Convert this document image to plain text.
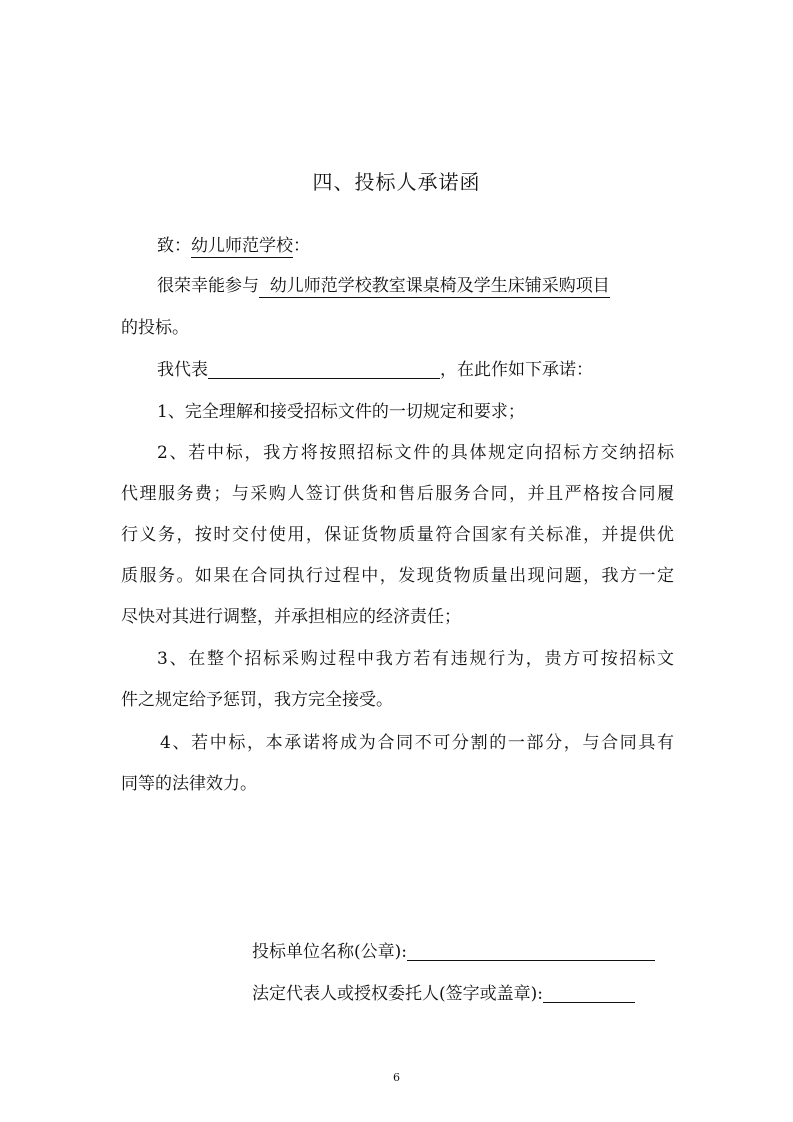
四、投标人承诺函
致：幼儿师范学校：
很荣幸能参与  幼儿师范学校教室课桌椅及学生床铺采购项目
的投标。
我代表	，在此作如下承诺：
1、完全理解和接受招标文件的一切规定和要求；
2、若中标，我方将按照招标文件的具体规定向招标方交纳招标
代理服务费；与采购人签订供货和售后服务合同，并且严格按合同履
行义务，按时交付使用，保证货物质量符合国家有关标准，并提供优
质服务。如果在合同执行过程中，发现货物质量出现问题，我方一定
尽快对其进行调整，并承担相应的经济责任；
3、在整个招标采购过程中我方若有违规行为，贵方可按招标文
件之规定给予惩罚，我方完全接受。
4、若中标，本承诺将成为合同不可分割的一部分，与合同具有
同等的法律效力。
投标单位名称(公章):
法定代表人或授权委托人(签字或盖章):
6
